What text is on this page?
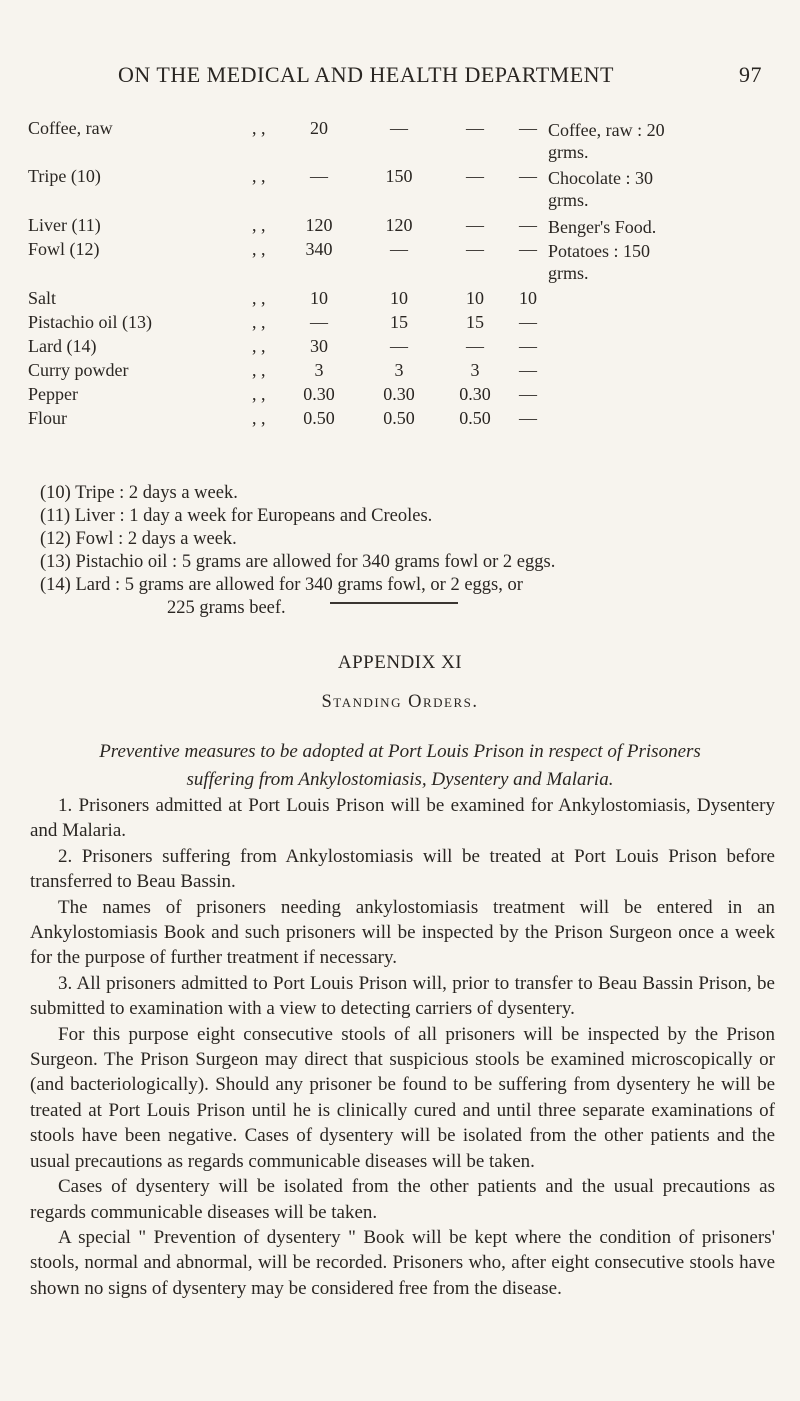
ON THE MEDICAL AND HEALTH DEPARTMENT	97
Coffee, raw	, ,	20	—	—	—
Tripe (10)	, ,	—	150	—	—
Liver (11)	, ,	120	120	—	—
Fowl (12)	, ,	340	—	—	—
Salt	, ,	10	10	10	10
Pistachio oil (13)	, ,	—	15	15	—
Lard (14)	, ,	30	—	—	—
Curry powder	, ,	3	3	3	—
Pepper	, ,	0.30	0.30	0.30	—
Flour	, ,	0.50	0.50	0.50	—
Coffee, raw : 20
grms.
Chocolate : 30
grms.
Benger's Food.
Potatoes : 150
grms.
(10) Tripe : 2 days a week.
(11) Liver : 1 day a week for Europeans and Creoles.
(12) Fowl : 2 days a week.
(13) Pistachio oil : 5 grams are allowed for 340 grams fowl or 2 eggs.
(14) Lard : 5 grams are allowed for 340 grams fowl, or 2 eggs, or
225 grams beef.
APPENDIX XI
Standing Orders.
Preventive measures to be adopted at Port Louis Prison in respect of Prisoners
suffering from Ankylostomiasis, Dysentery and Malaria.

1. Prisoners admitted at Port Louis Prison will be examined for Ankylostomiasis, Dysentery and Malaria.

2. Prisoners suffering from Ankylostomiasis will be treated at Port Louis Prison before transferred to Beau Bassin.

The names of prisoners needing ankylostomiasis treatment will be entered in an Ankylostomiasis Book and such prisoners will be inspected by the Prison Surgeon once a week for the purpose of further treatment if necessary.

3. All prisoners admitted to Port Louis Prison will, prior to transfer to Beau Bassin Prison, be submitted to examination with a view to detecting carriers of dysentery.

For this purpose eight consecutive stools of all prisoners will be inspected by the Prison Surgeon. The Prison Surgeon may direct that suspicious stools be examined microscopically or (and bacteriologically). Should any prisoner be found to be suffering from dysentery he will be treated at Port Louis Prison until he is clinically cured and until three separate examinations of stools have been negative. Cases of dysentery will be isolated from the other patients and the usual precautions as regards communicable diseases will be taken.

Cases of dysentery will be isolated from the other patients and the usual precautions as regards communicable diseases will be taken.

A special " Prevention of dysentery " Book will be kept where the condition of prisoners' stools, normal and abnormal, will be recorded. Prisoners who, after eight consecutive stools have shown no signs of dysentery may be considered free from the disease.
